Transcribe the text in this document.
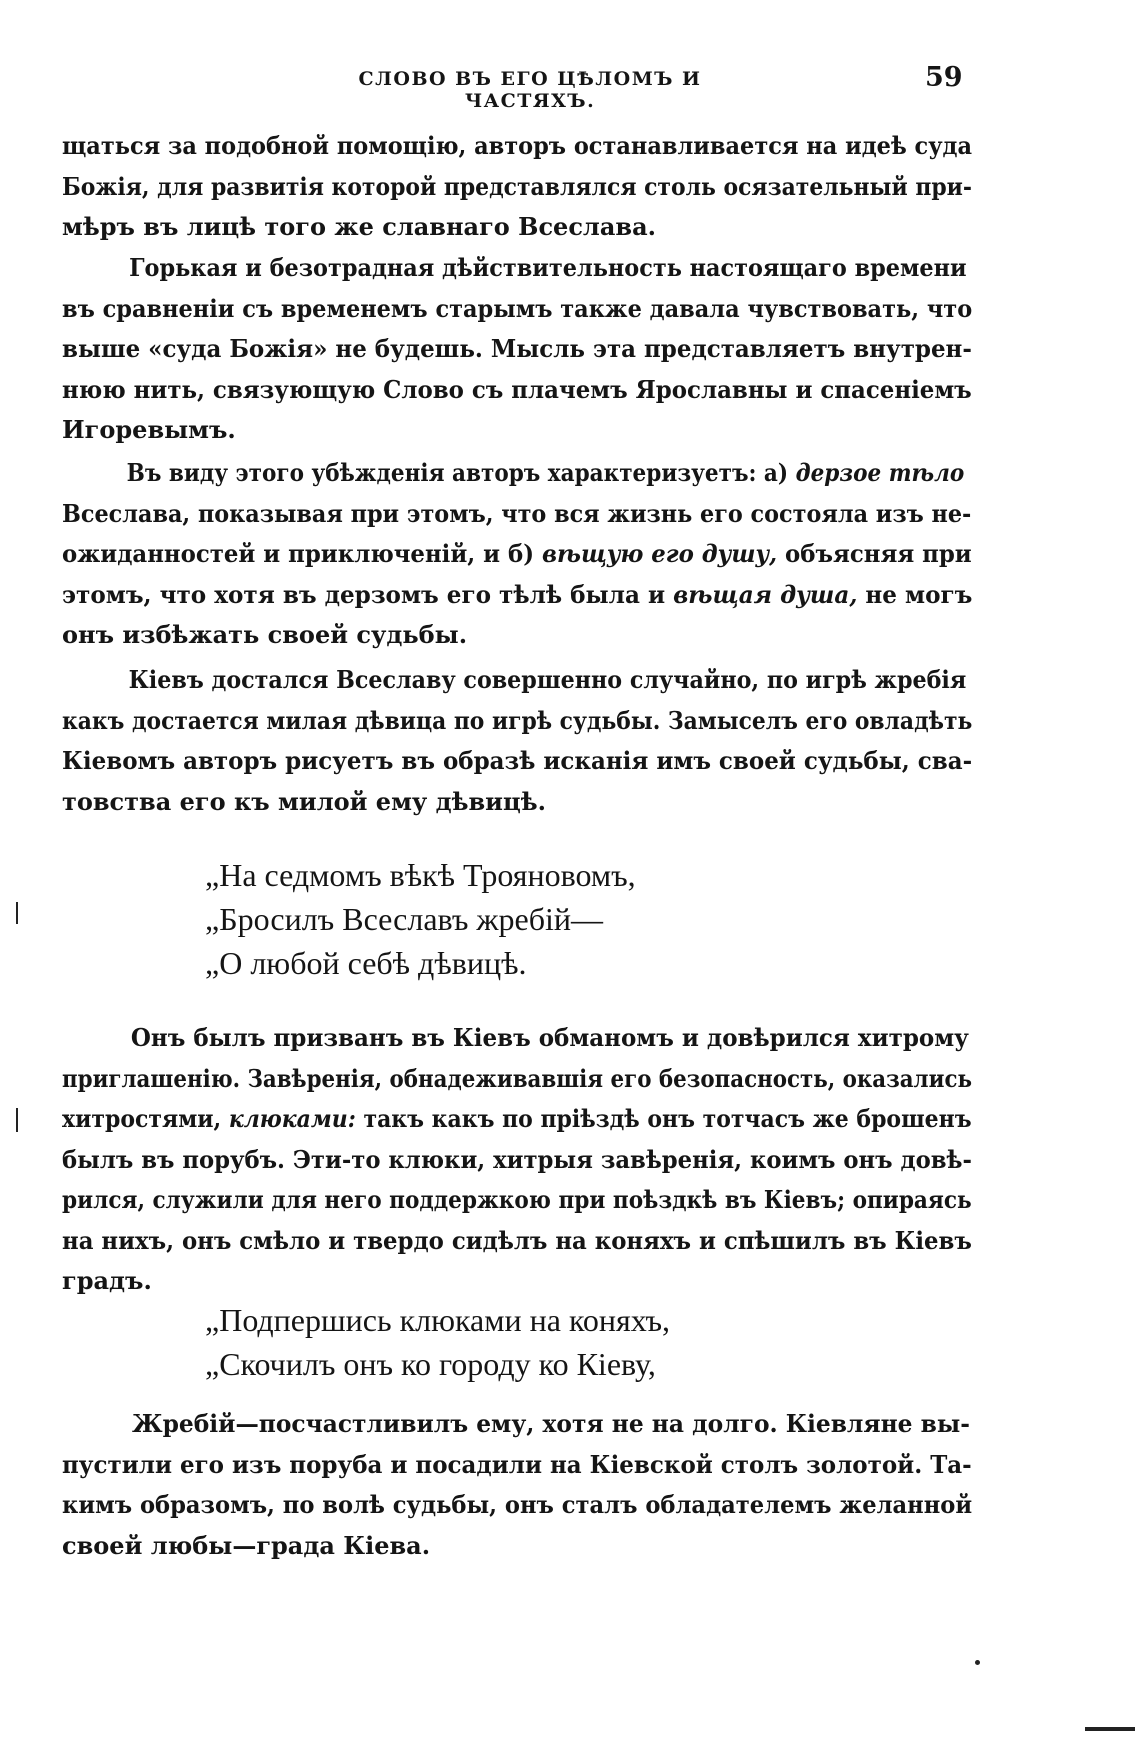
СЛОВО ВЪ ЕГО ЦѢЛОМЪ И ЧАСТЯХЪ.
59
щаться за подобной помощію, авторъ останавливается на идеѣ суда
Божія, для развитія которой представлялся столь осязательный при-
мѣръ въ лицѣ того же славнаго Всеслава.
Горькая и безотрадная дѣйствительность настоящаго времени
въ сравненіи съ временемъ старымъ также давала чувствовать, что
выше «суда Божія» не будешь. Мысль эта представляетъ внутрен-
нюю нить, связующую Слово съ плачемъ Ярославны и спасеніемъ
Игоревымъ.
Въ виду этого убѣжденія авторъ характеризуетъ: а) дерзое тѣло
Всеслава, показывая при этомъ, что вся жизнь его состояла изъ не-
ожиданностей и приключеній, и б) вѣщую его душу, объясняя при
этомъ, что хотя въ дерзомъ его тѣлѣ была и вѣщая душа, не могъ
онъ избѣжать своей судьбы.
Кіевъ достался Всеславу совершенно случайно, по игрѣ жребія
какъ достается милая дѣвица по игрѣ судьбы. Замыселъ его овладѣть
Кіевомъ авторъ рисуетъ въ образѣ исканія имъ своей судьбы, сва-
товства его къ милой ему дѣвицѣ.
„На седмомъ вѣкѣ Трояновомъ,
„Бросилъ Всеславъ жребій—
„О любой себѣ дѣвицѣ.
Онъ былъ призванъ въ Кіевъ обманомъ и довѣрился хитрому
приглашенію. Завѣренія, обнадеживавшія его безопасность, оказались
хитростями, клюками: такъ какъ по пріѣздѣ онъ тотчасъ же брошенъ
былъ въ порубъ. Эти-то клюки, хитрыя завѣренія, коимъ онъ довѣ-
рился, служили для него поддержкою при поѣздкѣ въ Кіевъ; опираясь
на нихъ, онъ смѣло и твердо сидѣлъ на коняхъ и спѣшилъ въ Кіевъ
градъ.
„Подпершись клюками на коняхъ,
„Скочилъ онъ ко городу ко Кіеву,
Жребій—посчастливилъ ему, хотя не на долго. Кіевляне вы-
пустили его изъ поруба и посадили на Кіевской столъ золотой. Та-
кимъ образомъ, по волѣ судьбы, онъ сталъ обладателемъ желанной
своей любы—града Кіева.
